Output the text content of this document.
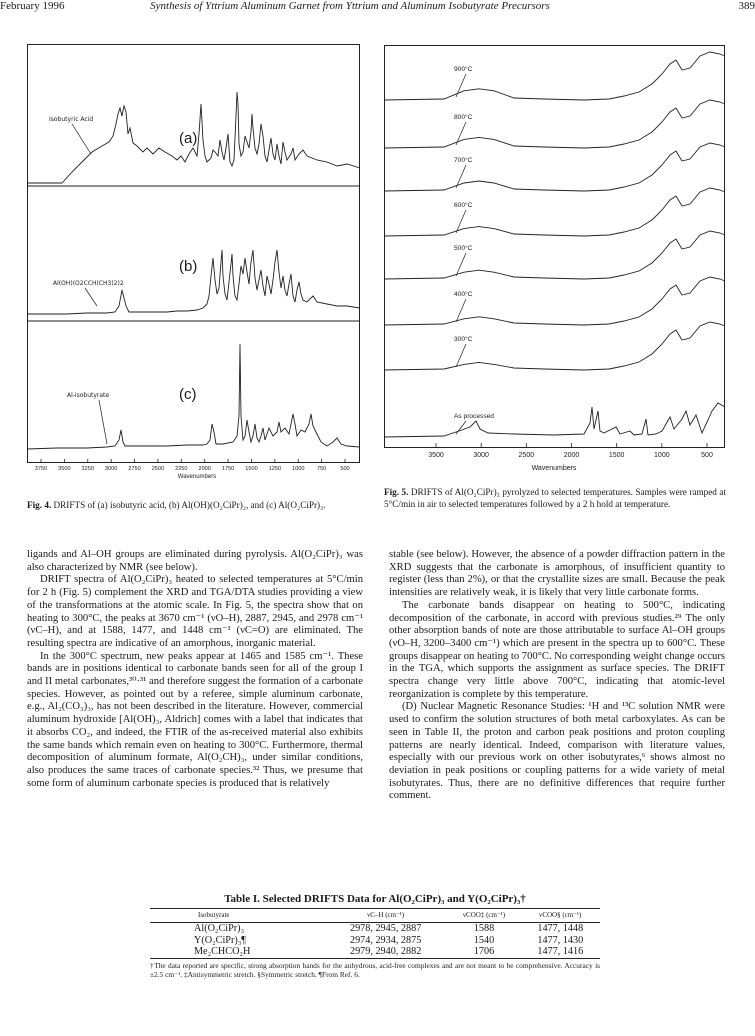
February 1996	Synthesis of Yttrium Aluminum Garnet from Yttrium and Aluminum Isobutyrate Precursors	389
3750 3500 3250 3000 2750 2500 2250 2000 1750 1500 1250 1000 750	500
Isobutyric Acid
Al(OH)(O2CCH(CH3)2)2
Al-isobutyrate
(a)
(b)
(c)
Wavenumbers
Fig. 4. DRIFTS of (a) isobutyric acid, (b) Al(OH)(O₂CiPr)₂, and (c) Al(O₂CiPr)₃.
3500	3000	2500	2000	1500	1000	500
900°C
800°C
700°C
600°C
500°C
400°C
300°C
As processed
Wavenumbers
Fig. 5. DRIFTS of Al(O₂CiPr)₃ pyrolyzed to selected temperatures. Samples were ramped at 5°C/min in air to selected temperatures followed by a 2 h hold at temperature.

ligands and Al–OH groups are eliminated during pyrolysis. Al(O₂CiPr)₃ was also characterized by NMR (see below).

DRIFT spectra of Al(O₂CiPr)₃ heated to selected temperatures at 5°C/min for 2 h (Fig. 5) complement the XRD and TGA/DTA studies providing a view of the transformations at the atomic scale. In Fig. 5, the spectra show that on heating to 300°C, the peaks at 3670 cm⁻¹ (νO–H), 2887, 2945, and 2978 cm⁻¹ (νC–H), and at 1588, 1477, and 1448 cm⁻¹ (νC=O) are eliminated. The resulting spectra are indicative of an amorphous, inorganic material.

In the 300°C spectrum, new peaks appear at 1465 and 1585 cm⁻¹. These bands are in positions identical to carbonate bands seen for all of the group I and II metal carbonates,³⁰·³¹ and therefore suggest the formation of a carbonate species. However, as pointed out by a referee, simple aluminum carbonate, e.g., Al₂(CO₃)₃, has not been described in the literature. However, commercial aluminum hydroxide [Al(OH)₃, Aldrich] comes with a label that indicates that it absorbs CO₂, and indeed, the FTIR of the as-received material also exhibits the same bands which remain even on heating to 300°C. Furthermore, thermal decomposition of aluminum formate, Al(O₂CH)₃, under similar conditions, also produces the same traces of carbonate species.³² Thus, we presume that some form of aluminum carbonate species is produced that is relatively

stable (see below). However, the absence of a powder diffraction pattern in the XRD suggests that the carbonate is amorphous, of insufficient quantity to register (less than 2%), or that the crystallite sizes are small. Because the peak intensities are relatively weak, it is likely that very little carbonate forms.

The carbonate bands disappear on heating to 500°C, indicating decomposition of the carbonate, in accord with previous studies.²⁹ The only other absorption bands of note are those attributable to surface Al–OH groups (νO–H, 3200–3400 cm⁻¹) which are present in the spectra up to 600°C. These groups disappear on heating to 700°C. No corresponding weight change occurs in the TGA, which supports the assignment as surface species. The DRIFT spectra change very little above 700°C, indicating that atomic-level reorganization is complete by this temperature.

(D) Nuclear Magnetic Resonance Studies: ¹H and ¹³C solution NMR were used to confirm the solution structures of both metal carboxylates. As can be seen in Table II, the proton and carbon peak positions and proton coupling patterns are nearly identical. Indeed, comparison with literature values, especially with our previous work on other isobutyrates,⁶ shows almost no deviation in peak positions or coupling patterns for a wide variety of metal isobutyrates. Thus, there are no definitive differences that require further comment.

Table I. Selected DRIFTS Data for Al(O₂CiPr)₃ and Y(O₂CiPr)₃†
Isobutyrate	νC–H (cm⁻¹)	νCOO‡ (cm⁻¹)	νCOO§ (cm⁻¹)
Al(O₂CiPr)₃	2978, 2945, 2887	1588	1477, 1448
Y(O₂CiPr)₃¶	2974, 2934, 2875	1540	1477, 1430
Me₂CHCO₂H	2979, 2940, 2882	1706	1477, 1416

†The data reported are specific, strong absorption bands for the anhydrous, acid-free complexes and are not meant to be comprehensive. Accuracy is ±2.5 cm⁻¹. ‡Antisymmetric stretch. §Symmetric stretch. ¶From Ref. 6.
